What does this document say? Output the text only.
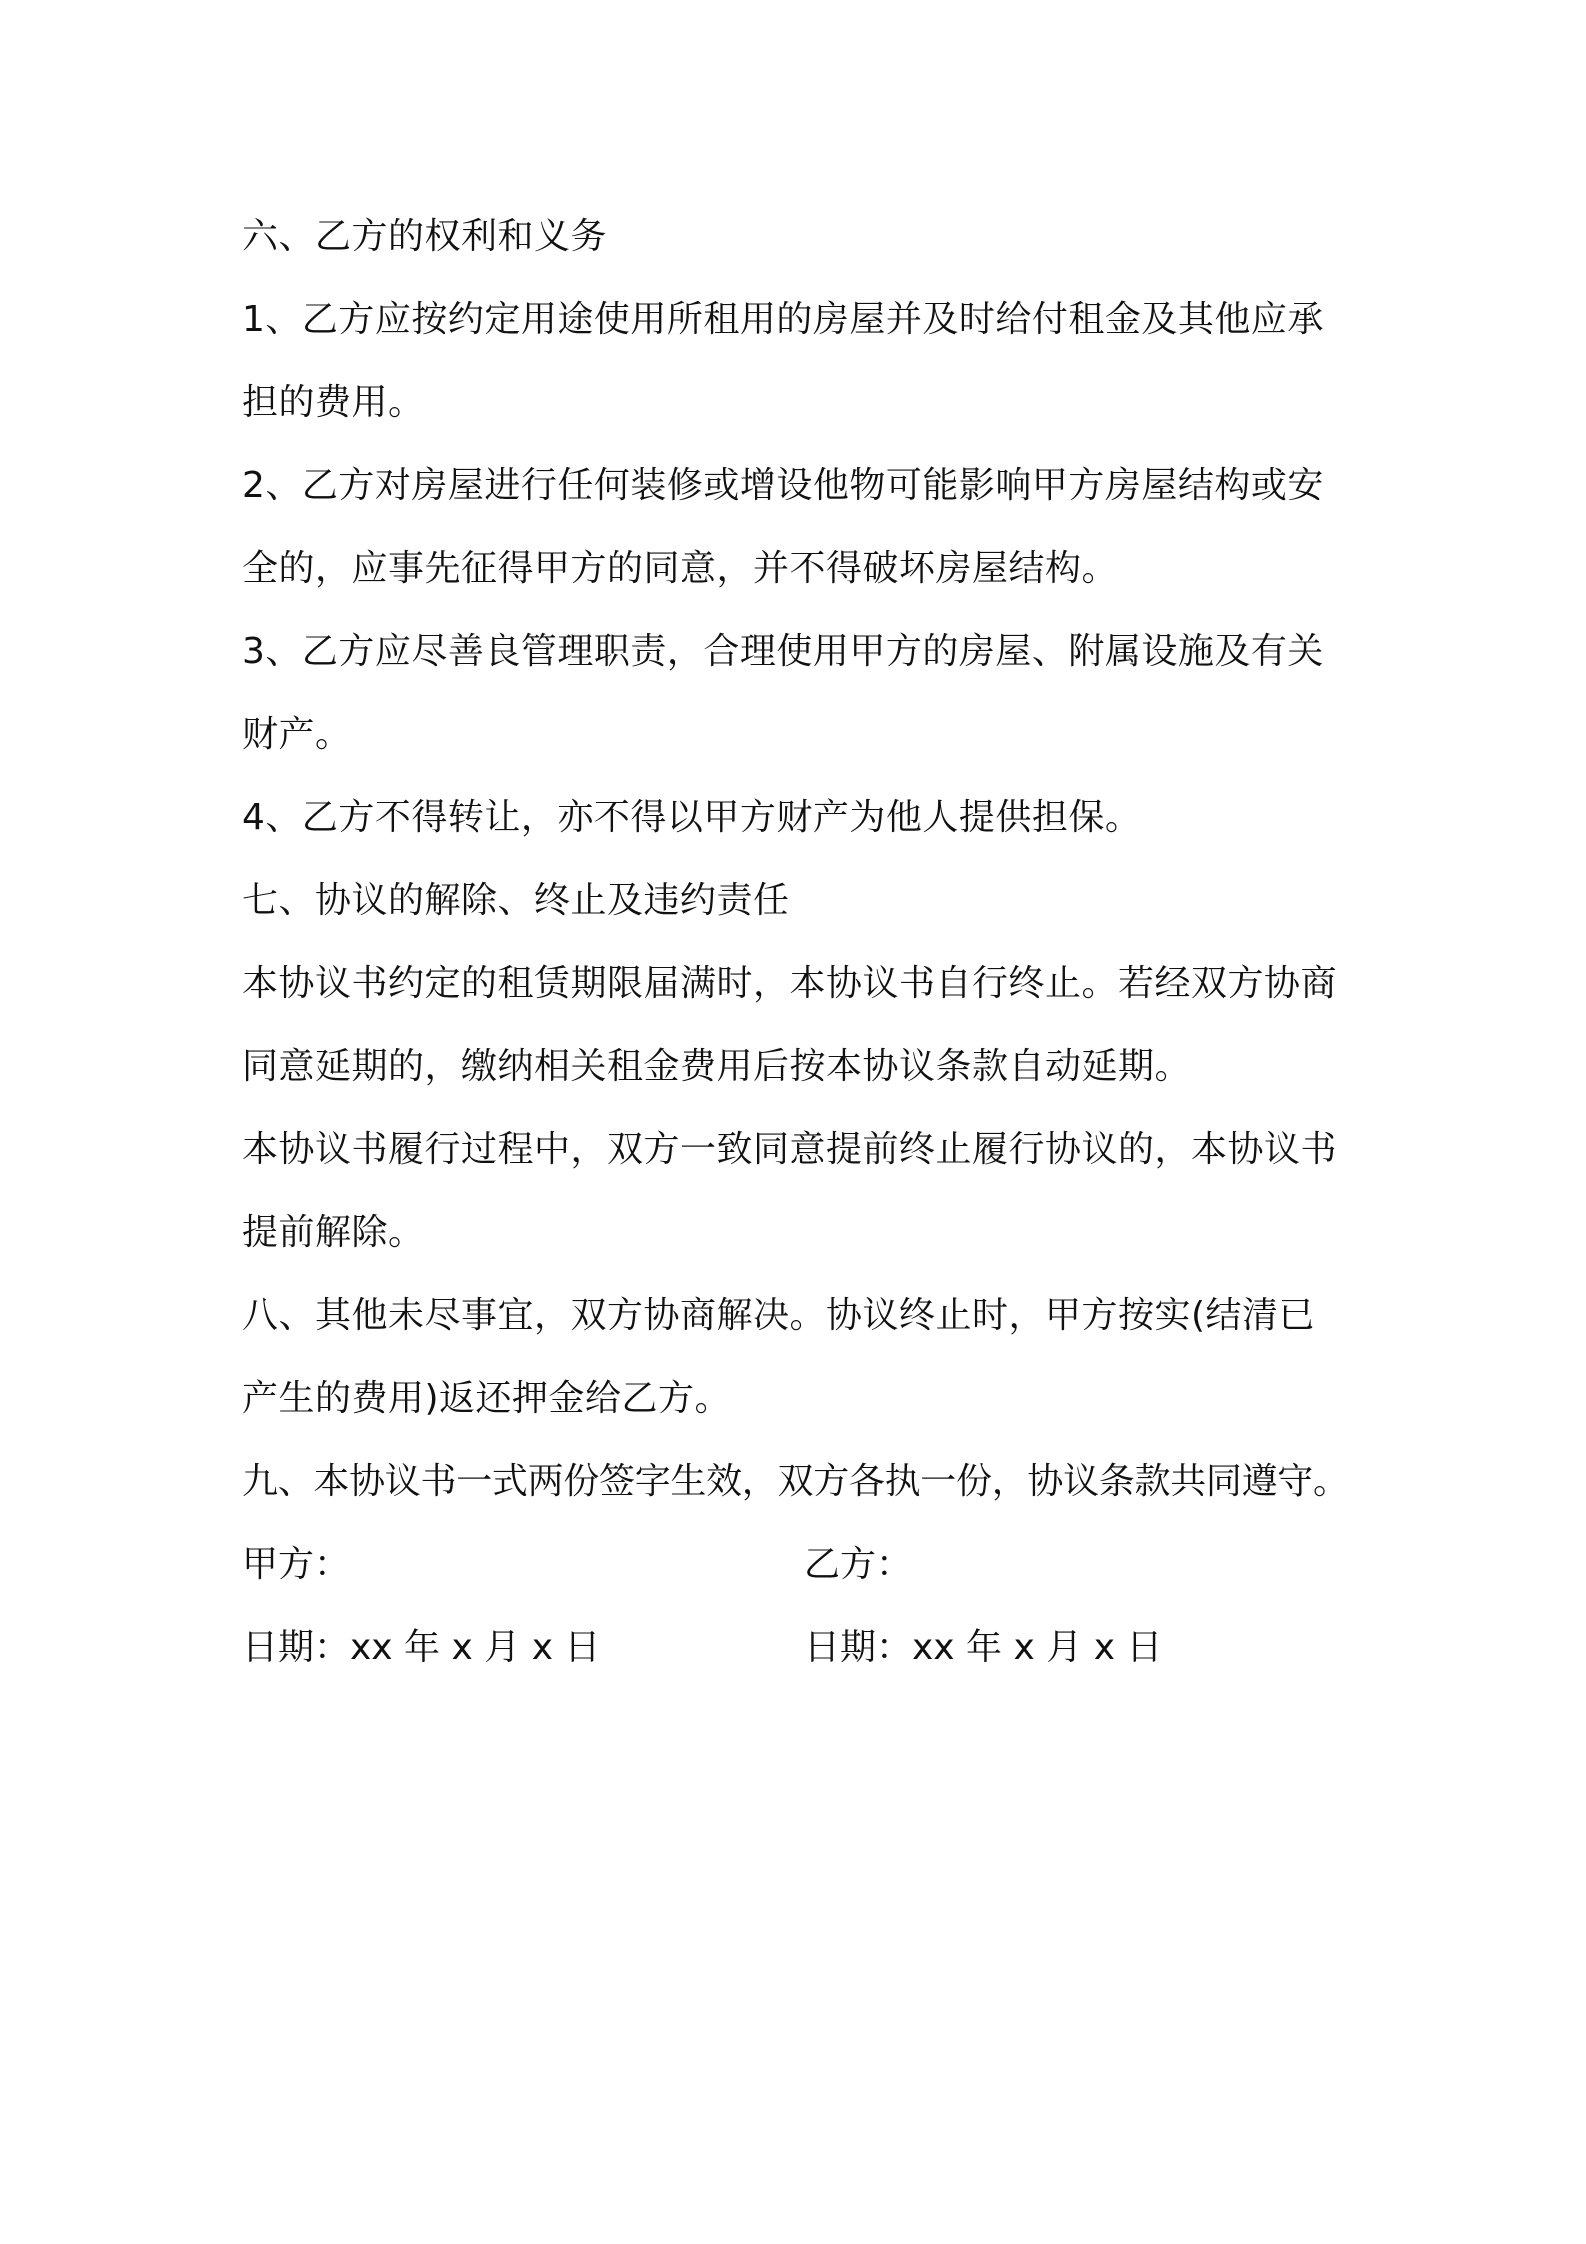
六、乙方的权利和义务
1、乙方应按约定用途使用所租用的房屋并及时给付租金及其他应承
担的费用。
2、乙方对房屋进行任何装修或增设他物可能影响甲方房屋结构或安
全的，应事先征得甲方的同意，并不得破坏房屋结构。
3、乙方应尽善良管理职责，合理使用甲方的房屋、附属设施及有关
财产。
4、乙方不得转让，亦不得以甲方财产为他人提供担保。
七、协议的解除、终止及违约责任
本协议书约定的租赁期限届满时，本协议书自行终止。若经双方协商
同意延期的，缴纳相关租金费用后按本协议条款自动延期。
本协议书履行过程中，双方一致同意提前终止履行协议的，本协议书
提前解除。
八、其他未尽事宜，双方协商解决。协议终止时，甲方按实(结清已
产生的费用)返还押金给乙方。
九、本协议书一式两份签字生效，双方各执一份，协议条款共同遵守。
甲方：	乙方：
日期：xx 年 x 月 x 日	日期：xx 年 x 月 x 日
